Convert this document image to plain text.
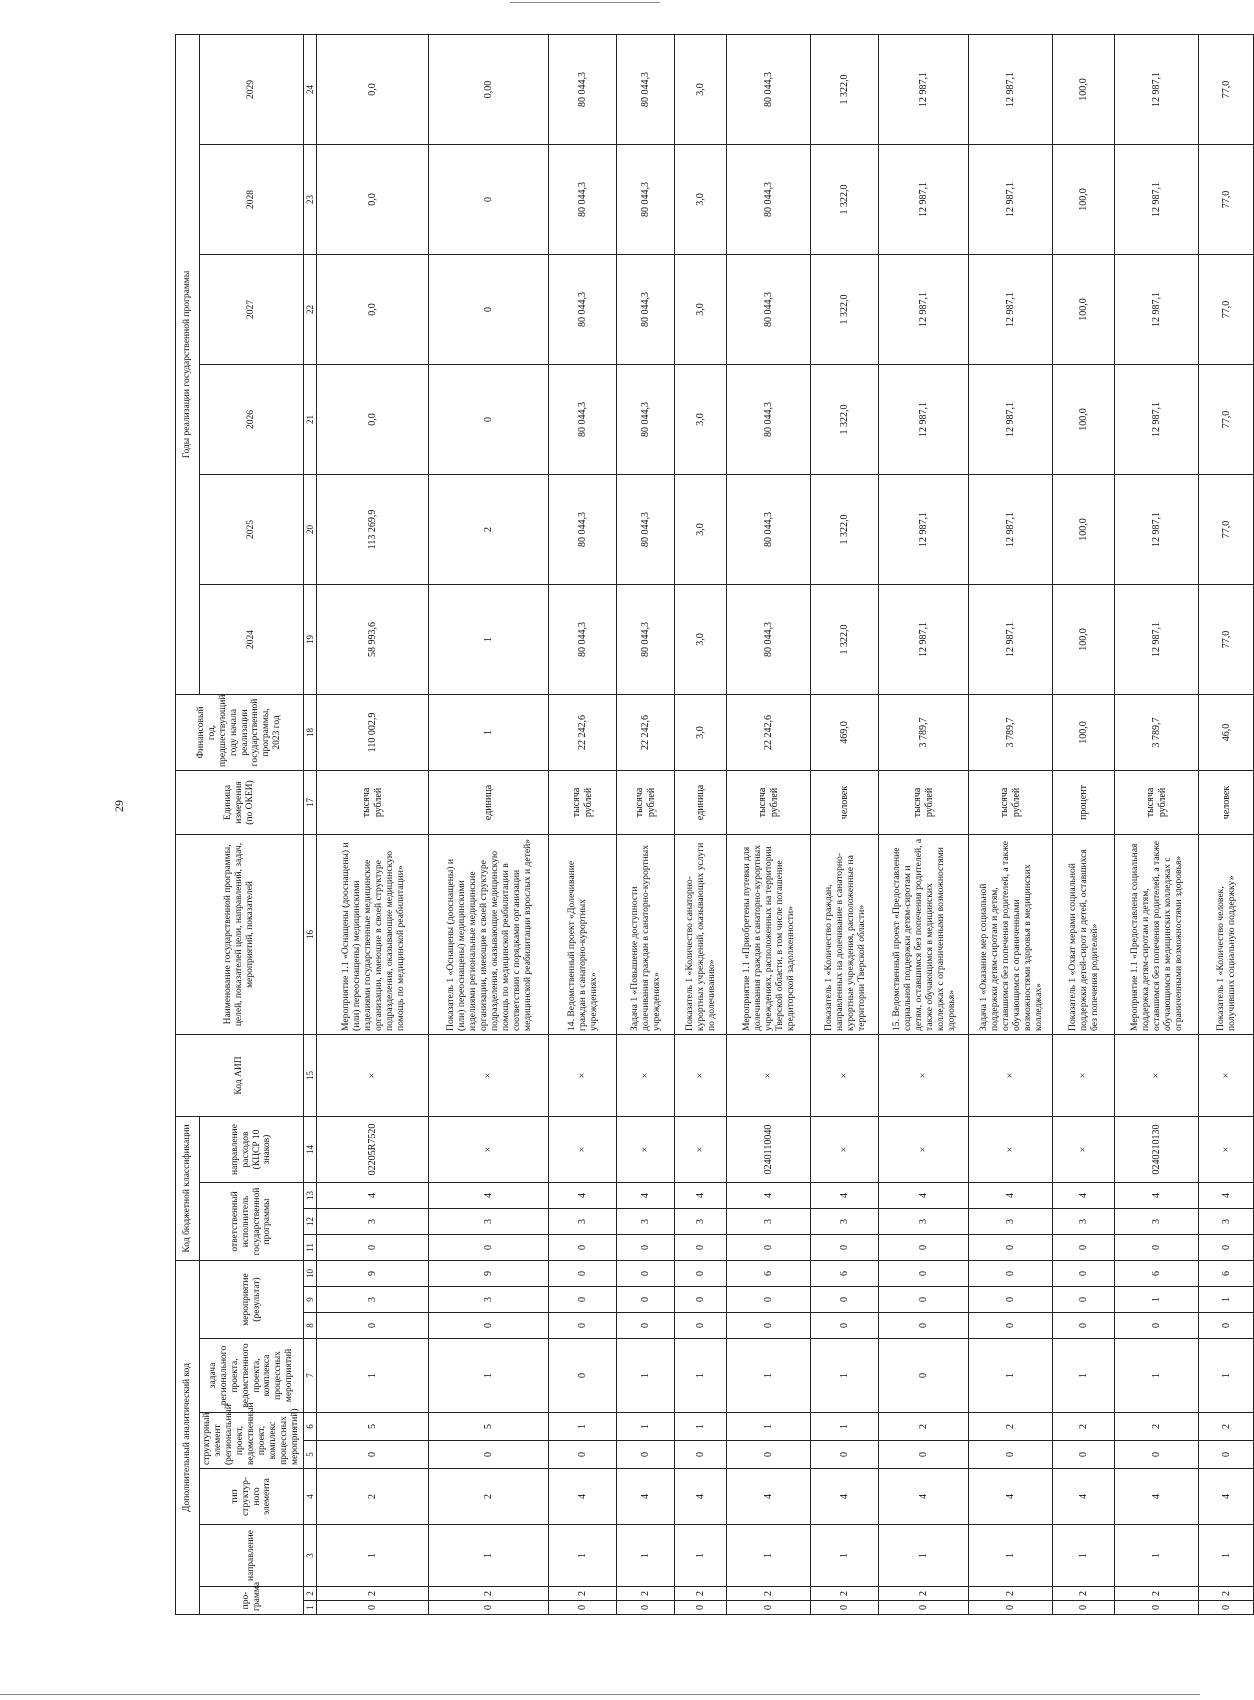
29
Дополнительный аналитический код										Код бюджетной классификации				Код АИП	Наименование государственной программы, целей, показателей цели, направлений, задач, мероприятий, показателей	Единица измерения (по ОКЕИ)	Финансовый год, предшествующий году начала реализации государственной программы, 2023 год	Годы реализации государственной программы					
про-грамма		направление	тип структур-ного элемента	структурный элемент (региональный проект, ведомственный проект, комплекс процессных мероприятий)		задача регионального проекта, ведомственного проекта, комплекса процессных мероприятий	мероприятие (результат)			ответственный исполнитель государственной программы			направление расходов (КЦСР 10 знаков)					2024	2025	2026	2027	2028	2029
1	2	3	4	5	6	7	8	9	10	11	12	13	14	15	16	17	18	19	20	21	22	23	24
0	2	1	2	0	5	1	0	3	9	0	3	4	02205R7520	×	Мероприятие 1.1 «Оснащены (дооснащены) и (или) переоснащены) медицинскими изделиями государственные медицинские организации, имеющие в своей структуре подразделения, оказывающие медицинскую помощь по медицинской реабилитации»	тысяча рублей	110 002,9	58 993,6	113 269,9	0,0	0,0	0,0	0,0
0	2	1	2	0	5	1	0	3	9	0	3	4	×	×	Показатель 1 «Оснащены (дооснащены) и (или) переоснащены) медицинскими изделиями региональные медицинские организации, имеющие в своей структуре подразделения, оказывающие медицинскую помощь по медицинской реабилитации в соответствии с порядками организации медицинской реабилитации взрослых и детей»	единица	1	1	2	0	0	0	0,00
0	2	1	4	0	1	0	0	0	0	0	3	4	×	×	14. Ведомственный проект «Долечивание граждан в санаторно-курортных учреждениях»	тысяча рублей	22 242,6	80 044,3	80 044,3	80 044,3	80 044,3	80 044,3	80 044,3
0	2	1	4	0	1	1	0	0	0	0	3	4	×	×	Задача 1 «Повышение доступности долечивания граждан в санаторно-курортных учреждениях»	тысяча рублей	22 242,6	80 044,3	80 044,3	80 044,3	80 044,3	80 044,3	80 044,3
0	2	1	4	0	1	1	0	0	0	0	3	4	×	×	Показатель 1 «Количество санаторно-курортных учреждений, оказывающих услуги по долечиванию»	единица	3,0	3,0	3,0	3,0	3,0	3,0	3,0
0	2	1	4	0	1	1	0	0	6	0	3	4	0240110040	×	Мероприятие 1.1 «Приобретены путевки для долечивания граждан в санаторно-курортных учреждениях, расположенных на территории Тверской области, в том числе погашение кредиторской задолженности»	тысяча рублей	22 242,6	80 044,3	80 044,3	80 044,3	80 044,3	80 044,3	80 044,3
0	2	1	4	0	1	1	0	0	6	0	3	4	×	×	Показатель 1 «Количество граждан, направленных на долечивание в санаторно-курортные учреждения, расположенные на территории Тверской области»	человек	469,0	1 322,0	1 322,0	1 322,0	1 322,0	1 322,0	1 322,0
0	2	1	4	0	2	0	0	0	0	0	3	4	×	×	15. Ведомственный проект «Предоставление социальной поддержки детям-сиротам и детям, оставшимся без попечения родителей, а также обучающимся в медицинских колледжах с ограниченными возможностями здоровья»	тысяча рублей	3 789,7	12 987,1	12 987,1	12 987,1	12 987,1	12 987,1	12 987,1
0	2	1	4	0	2	1	0	0	0	0	3	4	×	×	Задача 1 «Оказание мер социальной поддержки детям-сиротам и детям, оставшимся без попечения родителей, а также обучающимся с ограниченными возможностями здоровья в медицинских колледжах»	тысяча рублей	3 789,7	12 987,1	12 987,1	12 987,1	12 987,1	12 987,1	12 987,1
0	2	1	4	0	2	1	0	0	0	0	3	4	×	×	Показатель 1 «Охват мерами социальной поддержки детей-сирот и детей, оставшихся без попечения родителей»	процент	100,0	100,0	100,0	100,0	100,0	100,0	100,0
0	2	1	4	0	2	1	0	1	6	0	3	4	0240210130	×	Мероприятие 1.1 «Предоставлена социальная поддержка детям-сиротам и детям, оставшимся без попечения родителей, а также обучающимся в медицинских колледжах с ограниченными возможностями здоровья»	тысяча рублей	3 789,7	12 987,1	12 987,1	12 987,1	12 987,1	12 987,1	12 987,1
0	2	1	4	0	2	1	0	1	6	0	3	4	×	×	Показатель 1 «Количество человек, получивших социальную поддержку»	человек	46,0	77,0	77,0	77,0	77,0	77,0	77,0
